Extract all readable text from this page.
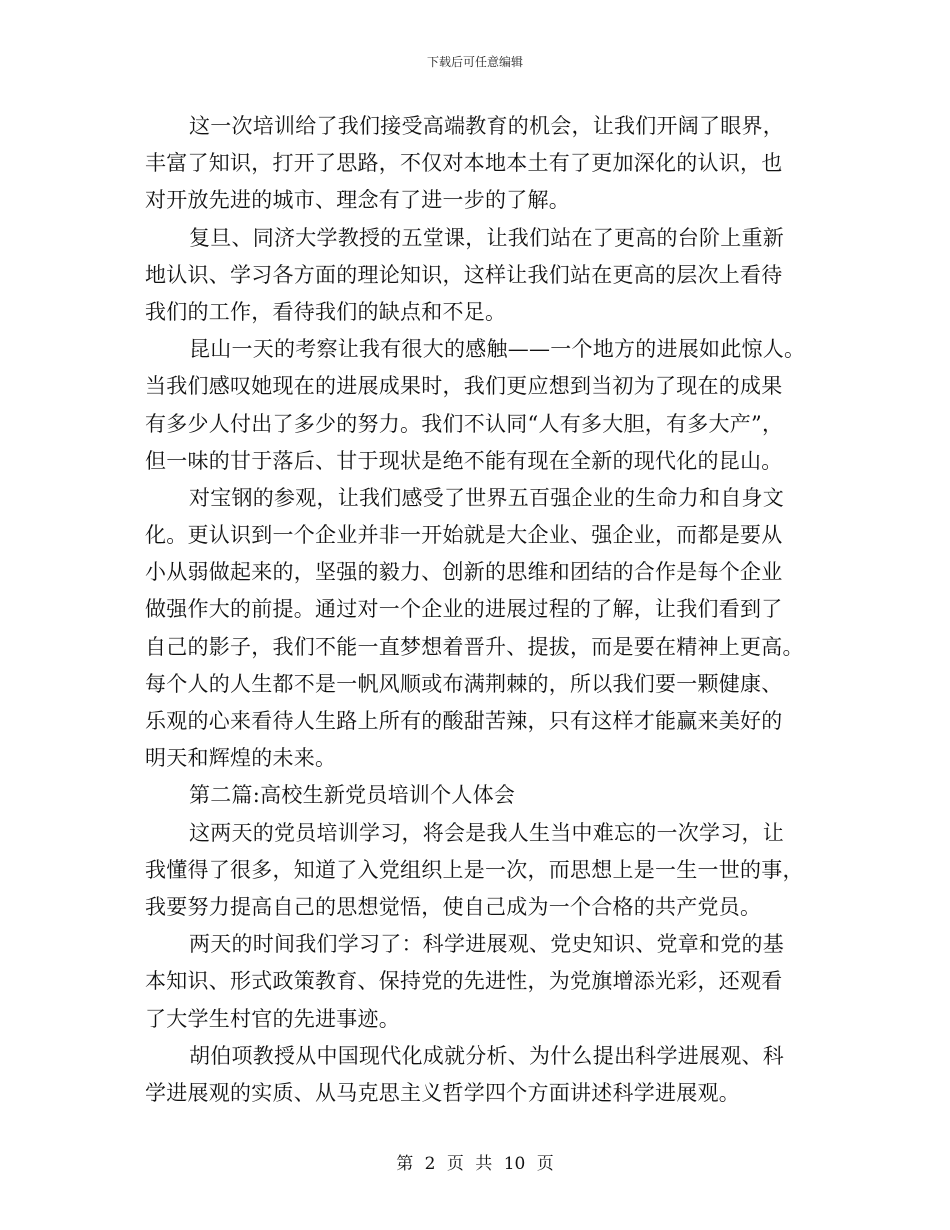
下载后可任意编辑
这一次培训给了我们接受高端教育的机会，让我们开阔了眼界，
丰富了知识，打开了思路，不仅对本地本土有了更加深化的认识，也
对开放先进的城市、理念有了进一步的了解。
复旦、同济大学教授的五堂课，让我们站在了更高的台阶上重新
地认识、学习各方面的理论知识，这样让我们站在更高的层次上看待
我们的工作，看待我们的缺点和不足。
昆山一天的考察让我有很大的感触——一个地方的进展如此惊人。
当我们感叹她现在的进展成果时，我们更应想到当初为了现在的成果
有多少人付出了多少的努力。我们不认同“人有多大胆，有多大产”，
但一味的甘于落后、甘于现状是绝不能有现在全新的现代化的昆山。
对宝钢的参观，让我们感受了世界五百强企业的生命力和自身文
化。更认识到一个企业并非一开始就是大企业、强企业，而都是要从
小从弱做起来的，坚强的毅力、创新的思维和团结的合作是每个企业
做强作大的前提。通过对一个企业的进展过程的了解，让我们看到了
自己的影子，我们不能一直梦想着晋升、提拔，而是要在精神上更高。
每个人的人生都不是一帆风顺或布满荆棘的，所以我们要一颗健康、
乐观的心来看待人生路上所有的酸甜苦辣，只有这样才能赢来美好的
明天和辉煌的未来。
第二篇:高校生新党员培训个人体会
这两天的党员培训学习，将会是我人生当中难忘的一次学习，让
我懂得了很多，知道了入党组织上是一次，而思想上是一生一世的事，
我要努力提高自己的思想觉悟，使自己成为一个合格的共产党员。
两天的时间我们学习了：科学进展观、党史知识、党章和党的基
本知识、形式政策教育、保持党的先进性，为党旗增添光彩，还观看
了大学生村官的先进事迹。
胡伯项教授从中国现代化成就分析、为什么提出科学进展观、科
学进展观的实质、从马克思主义哲学四个方面讲述科学进展观。
第 2 页 共 10 页
